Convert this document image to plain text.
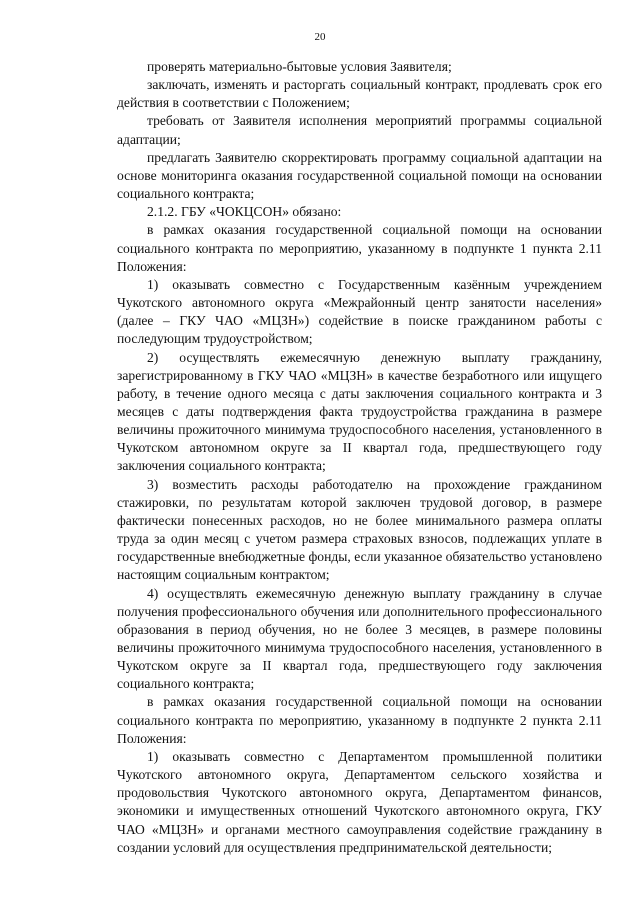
20

проверять материально-бытовые условия Заявителя;

заключать, изменять и расторгать социальный контракт, продлевать срок его действия в соответствии с Положением;

требовать от Заявителя исполнения мероприятий программы социальной адаптации;

предлагать Заявителю скорректировать программу социальной адаптации на основе мониторинга оказания государственной социальной помощи на основании социального контракта;

2.1.2. ГБУ «ЧОКЦСОН» обязано:

в рамках оказания государственной социальной помощи на основании социального контракта по мероприятию, указанному в подпункте 1 пункта 2.11 Положения:

1) оказывать совместно с Государственным казённым учреждением Чукотского автономного округа «Межрайонный центр занятости населения» (далее – ГКУ ЧАО «МЦЗН») содействие в поиске гражданином работы с последующим трудоустройством;

2) осуществлять ежемесячную денежную выплату гражданину, зарегистрированному в ГКУ ЧАО «МЦЗН» в качестве безработного или ищущего работу, в течение одного месяца с даты заключения социального контракта и 3 месяцев с даты подтверждения факта трудоустройства гражданина в размере величины прожиточного минимума трудоспособного населения, установленного в Чукотском автономном округе за II квартал года, предшествующего году заключения социального контракта;

3) возместить расходы работодателю на прохождение гражданином стажировки, по результатам которой заключен трудовой договор, в размере фактически понесенных расходов, но не более минимального размера оплаты труда за один месяц с учетом размера страховых взносов, подлежащих уплате в государственные внебюджетные фонды, если указанное обязательство установлено настоящим социальным контрактом;

4) осуществлять ежемесячную денежную выплату гражданину в случае получения профессионального обучения или дополнительного профессионального образования в период обучения, но не более 3 месяцев, в размере половины величины прожиточного минимума трудоспособного населения, установленного в Чукотском округе за II квартал года, предшествующего году заключения социального контракта;

в рамках оказания государственной социальной помощи на основании социального контракта по мероприятию, указанному в подпункте 2 пункта 2.11 Положения:

1) оказывать совместно с Департаментом промышленной политики Чукотского автономного округа, Департаментом сельского хозяйства и продовольствия Чукотского автономного округа, Департаментом финансов, экономики и имущественных отношений Чукотского автономного округа, ГКУ ЧАО «МЦЗН» и органами местного самоуправления содействие гражданину в создании условий для осуществления предпринимательской деятельности;
